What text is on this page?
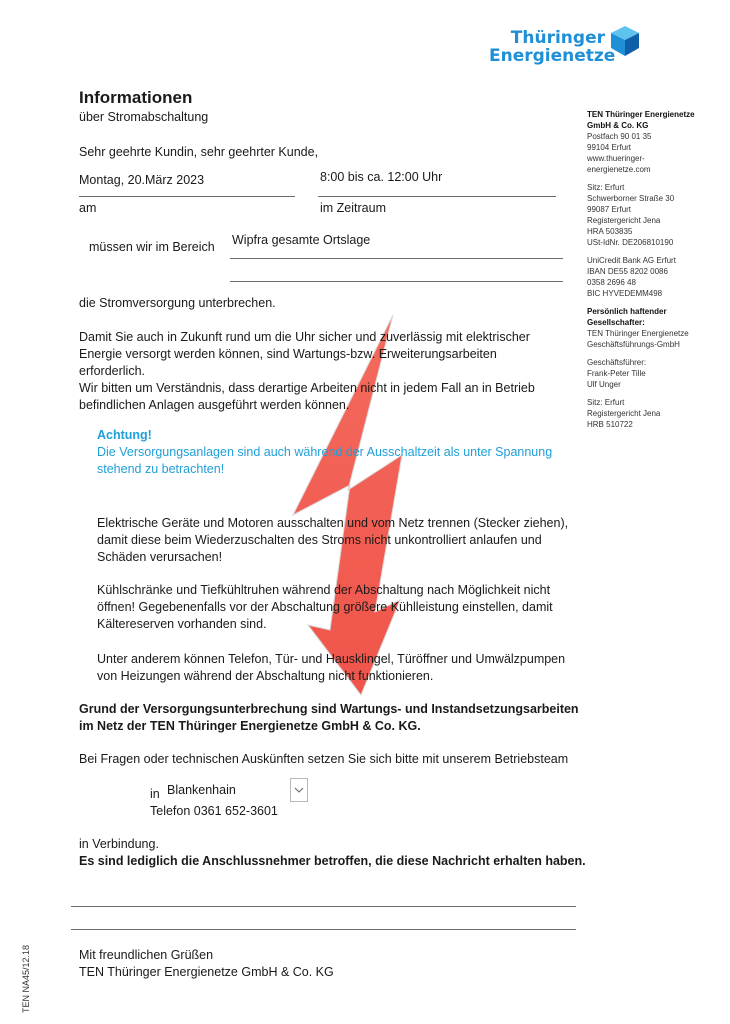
Thüringer
Energienetze
Informationen
über Stromabschaltung
Sehr geehrte Kundin, sehr geehrter Kunde,
Montag, 20.März 2023	8:00 bis ca. 12:00 Uhr
am	im Zeitraum
müssen wir im Bereich Wipfra gesamte Ortslage
die Stromversorgung unterbrechen.
Damit Sie auch in Zukunft rund um die Uhr sicher und zuverlässig mit elektrischer
Energie versorgt werden können, sind Wartungs-bzw. Erweiterungsarbeiten
erforderlich.
Wir bitten um Verständnis, dass derartige Arbeiten nicht in jedem Fall an in Betrieb
befindlichen Anlagen ausgeführt werden können.
Achtung!
Die Versorgungsanlagen sind auch während der Ausschaltzeit als unter Spannung
stehend zu betrachten!
Elektrische Geräte und Motoren ausschalten und vom Netz trennen (Stecker ziehen),
damit diese beim Wiederzuschalten des Stroms nicht unkontrolliert anlaufen und
Schäden verursachen!
Kühlschränke und Tiefkühltruhen während der Abschaltung nach Möglichkeit nicht
öffnen! Gegebenenfalls vor der Abschaltung größere Kühlleistung einstellen, damit
Kältereserven vorhanden sind.
Unter anderem können Telefon, Tür- und Hausklingel, Türöffner und Umwälzpumpen
von Heizungen während der Abschaltung nicht funktionieren.
Grund der Versorgungsunterbrechung sind Wartungs- und Instandsetzungsarbeiten
im Netz der TEN Thüringer Energienetze GmbH & Co. KG.
Bei Fragen oder technischen Auskünften setzen Sie sich bitte mit unserem Betriebsteam
in Blankenhain
Telefon 0361 652-3601
in Verbindung.
Es sind lediglich die Anschlussnehmer betroffen, die diese Nachricht erhalten haben.
Mit freundlichen Grüßen
TEN Thüringer Energienetze GmbH & Co. KG
TEN NA45/12.18
TEN Thüringer Energienetze
GmbH & Co. KG
Postfach 90 01 35
99104 Erfurt
www.thueringer-
energienetze.com
Sitz: Erfurt
Schwerborner Straße 30
99087 Erfurt
Registergericht Jena
HRA 503835
USt-IdNr. DE206810190
UniCredit Bank AG Erfurt
IBAN DE55 8202 0086
0358 2696 48
BIC HYVEDEMM498
Persönlich haftender
Gesellschafter:
TEN Thüringer Energienetze
Geschäftsführungs-GmbH
Geschäftsführer:
Frank-Peter Tille
Ulf Unger
Sitz: Erfurt
Registergericht Jena
HRB 510722
